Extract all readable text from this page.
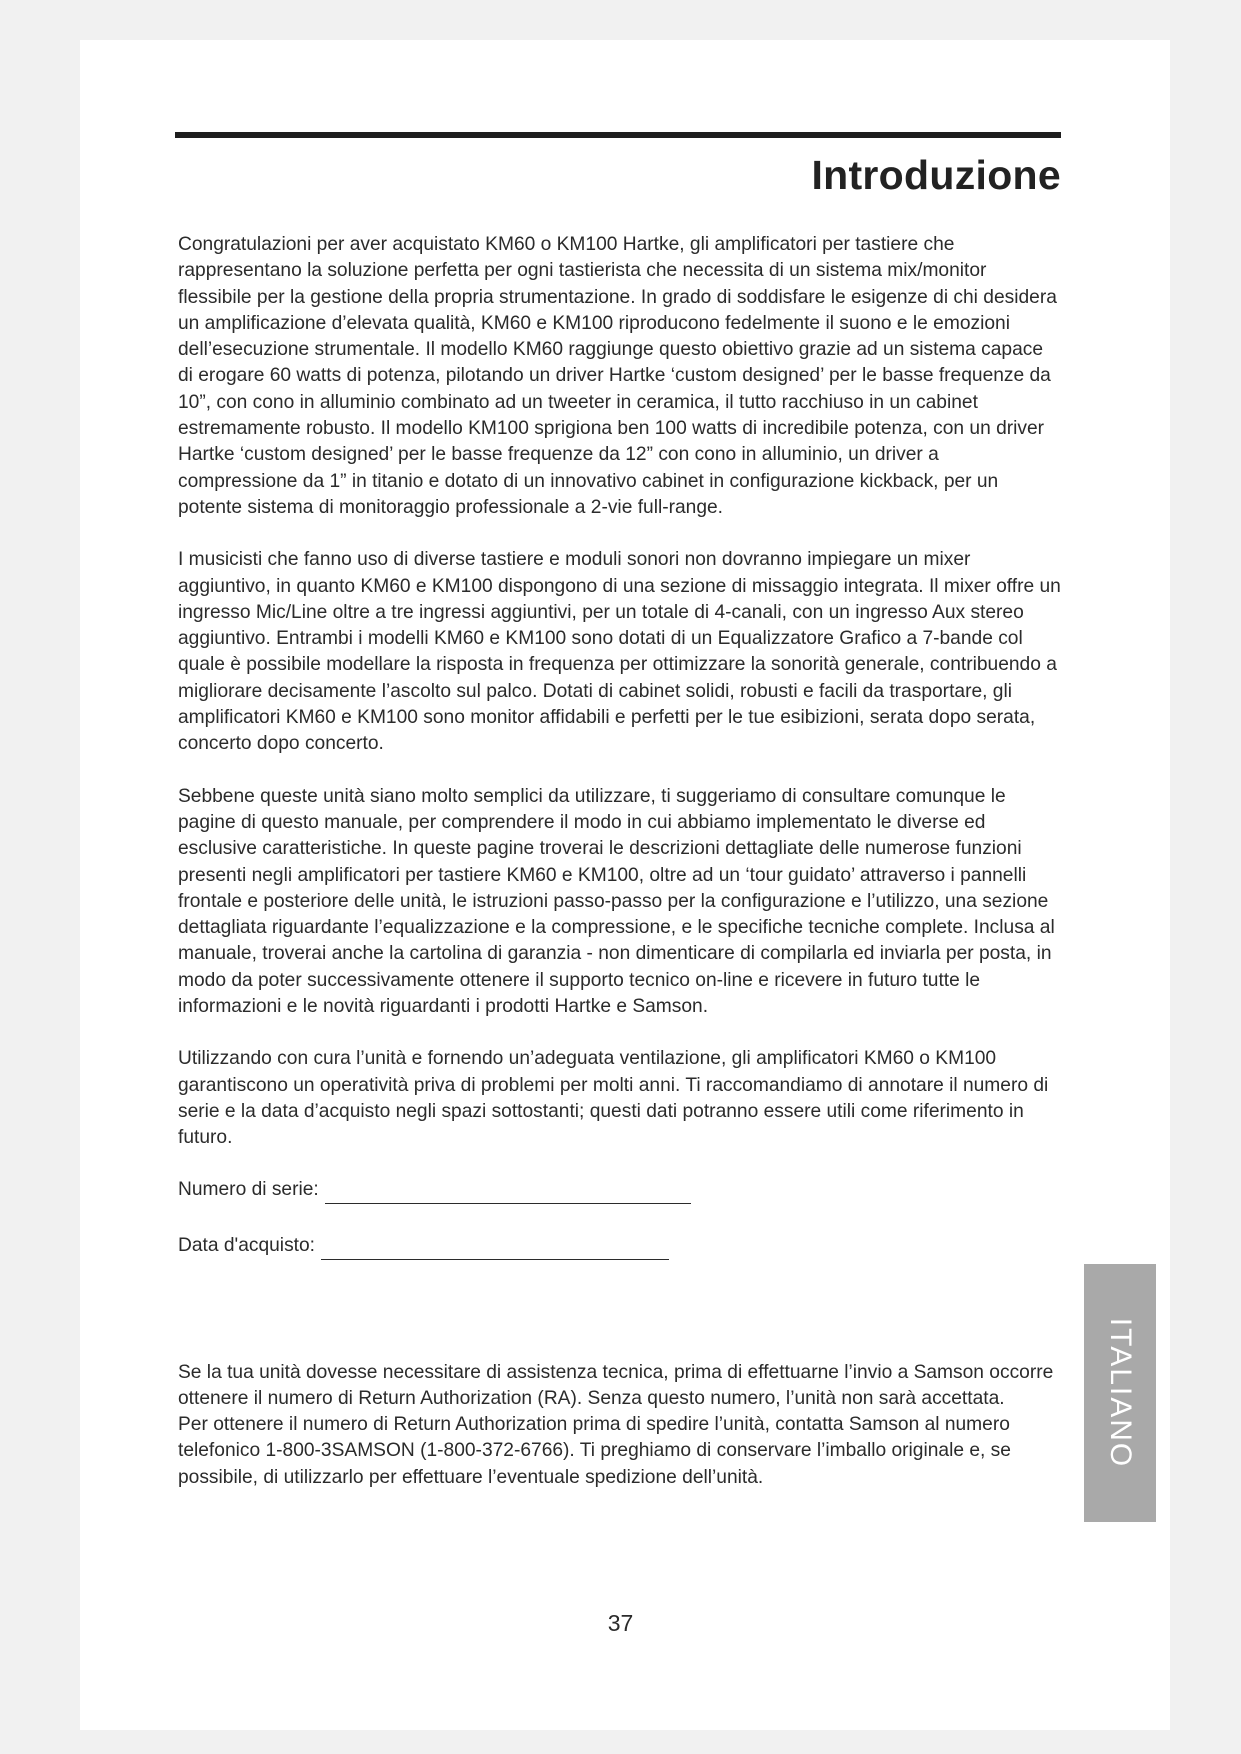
Introduzione

Congratulazioni per aver acquistato KM60 o KM100 Hartke, gli amplificatori per tastiere che rappresentano la soluzione perfetta per ogni tastierista che necessita di un sistema mix/monitor flessibile per la gestione della propria strumentazione. In grado di soddisfare le esigenze di chi desidera un amplificazione d’elevata qualità, KM60 e KM100 riproducono fedelmente il suono e le emozioni dell’esecuzione strumentale. Il modello KM60 raggiunge questo obiettivo grazie ad un sistema capace di erogare 60 watts di potenza, pilotando un driver Hartke ‘custom designed’ per le basse frequenze da 10”, con cono in alluminio combinato ad un tweeter in ceramica, il tutto racchiuso in un cabinet estremamente robusto. Il modello KM100 sprigiona ben 100 watts di incredibile potenza, con un driver Hartke ‘custom designed’ per le basse frequenze da 12” con cono in alluminio, un driver a compressione da 1” in titanio e dotato di un innovativo cabinet in configurazione kickback, per un potente sistema di monitoraggio professionale a 2-vie full-range.

I musicisti che fanno uso di diverse tastiere e moduli sonori non dovranno impiegare un mixer aggiuntivo, in quanto KM60 e KM100 dispongono di una sezione di missaggio integrata. Il mixer offre un ingresso Mic/Line oltre a tre ingressi aggiuntivi, per un totale di 4-canali, con un ingresso Aux stereo aggiuntivo. Entrambi i modelli KM60 e KM100 sono dotati di un Equalizzatore Grafico a 7-bande col quale è possibile modellare la risposta in frequenza per ottimizzare la sonorità generale, contribuendo a migliorare decisamente l’ascolto sul palco. Dotati di cabinet solidi, robusti e facili da trasportare, gli amplificatori KM60 e KM100 sono monitor affidabili e perfetti per le tue esibizioni, serata dopo serata, concerto dopo concerto.

Sebbene queste unità siano molto semplici da utilizzare, ti suggeriamo di consultare comunque le pagine di questo manuale, per comprendere il modo in cui abbiamo implementato le diverse ed esclusive caratteristiche. In queste pagine troverai le descrizioni dettagliate delle numerose funzioni presenti negli amplificatori per tastiere KM60 e KM100, oltre ad un ‘tour guidato’ attraverso i pannelli frontale e posteriore delle unità, le istruzioni passo-passo per la configurazione e l’utilizzo, una sezione dettagliata riguardante l’equalizzazione e la compressione, e le specifiche tecniche complete. Inclusa al manuale, troverai anche la cartolina di garanzia - non dimenticare di compilarla ed inviarla per posta, in modo da poter successivamente ottenere il supporto tecnico on-line e ricevere in futuro tutte le informazioni e le novità riguardanti i prodotti Hartke e Samson.

Utilizzando con cura l’unità e fornendo un’adeguata ventilazione, gli amplificatori KM60 o KM100 garantiscono un operatività priva di problemi per molti anni. Ti raccomandiamo di annotare il numero di serie e la data d’acquisto negli spazi sottostanti; questi dati potranno essere utili come riferimento in futuro.

Numero di serie:
Data d'acquisto:

Se la tua unità dovesse necessitare di assistenza tecnica, prima di effettuarne l’invio a Samson occorre ottenere il numero di Return Authorization (RA). Senza questo numero, l’unità non sarà accettata.

Per ottenere il numero di Return Authorization prima di spedire l’unità, contatta Samson al numero telefonico 1-800-3SAMSON (1-800-372-6766). Ti preghiamo di conservare l’imballo originale e, se possibile, di utilizzarlo per effettuare l’eventuale spedizione dell’unità.

ITALIANO
37
